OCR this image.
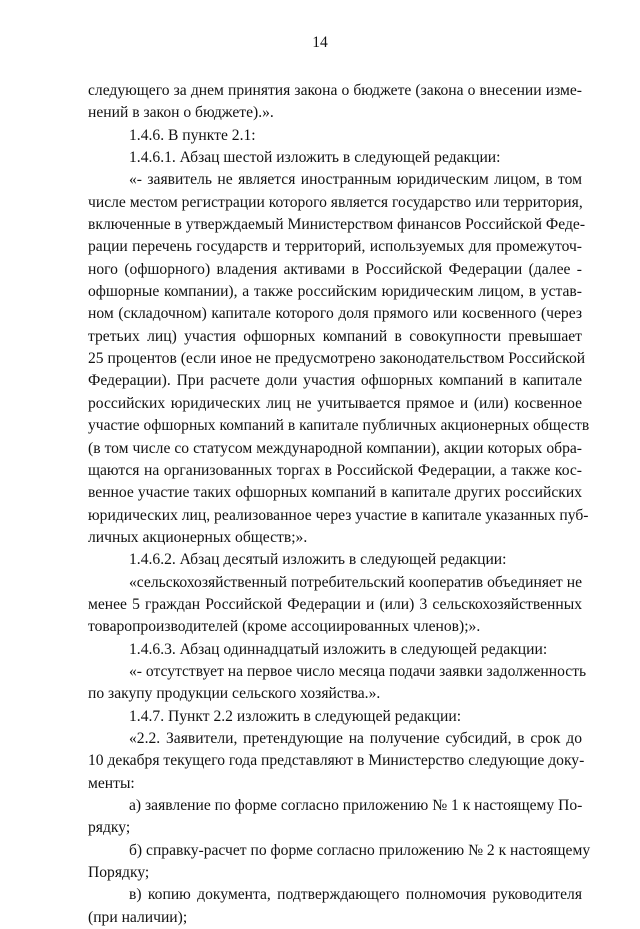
14
следующего за днем принятия закона о бюджете (закона о внесении изме-
нений в закон о бюджете).».
1.4.6. В пункте 2.1:
1.4.6.1. Абзац шестой изложить в следующей редакции:
«- заявитель не является иностранным юридическим лицом, в том
числе местом регистрации которого является государство или территория,
включенные в утверждаемый Министерством финансов Российской Феде-
рации перечень государств и территорий, используемых для промежуточ-
ного (офшорного) владения активами в Российской Федерации (далее -
офшорные компании), а также российским юридическим лицом, в устав-
ном (складочном) капитале которого доля прямого или косвенного (через
третьих лиц) участия офшорных компаний в совокупности превышает
25 процентов (если иное не предусмотрено законодательством Российской
Федерации). При расчете доли участия офшорных компаний в капитале
российских юридических лиц не учитывается прямое и (или) косвенное
участие офшорных компаний в капитале публичных акционерных обществ
(в том числе со статусом международной компании), акции которых обра-
щаются на организованных торгах в Российской Федерации, а также кос-
венное участие таких офшорных компаний в капитале других российских
юридических лиц, реализованное через участие в капитале указанных пуб-
личных акционерных обществ;».
1.4.6.2. Абзац десятый изложить в следующей редакции:
«сельскохозяйственный потребительский кооператив объединяет не
менее 5 граждан Российской Федерации и (или) 3 сельскохозяйственных
товаропроизводителей (кроме ассоциированных членов);».
1.4.6.3. Абзац одиннадцатый изложить в следующей редакции:
«- отсутствует на первое число месяца подачи заявки задолженность
по закупу продукции сельского хозяйства.».
1.4.7. Пункт 2.2 изложить в следующей редакции:
«2.2. Заявители, претендующие на получение субсидий, в срок до
10 декабря текущего года представляют в Министерство следующие доку-
менты:
а) заявление по форме согласно приложению № 1 к настоящему По-
рядку;
б) справку-расчет по форме согласно приложению № 2 к настоящему
Порядку;
в) копию документа, подтверждающего полномочия руководителя
(при наличии);
